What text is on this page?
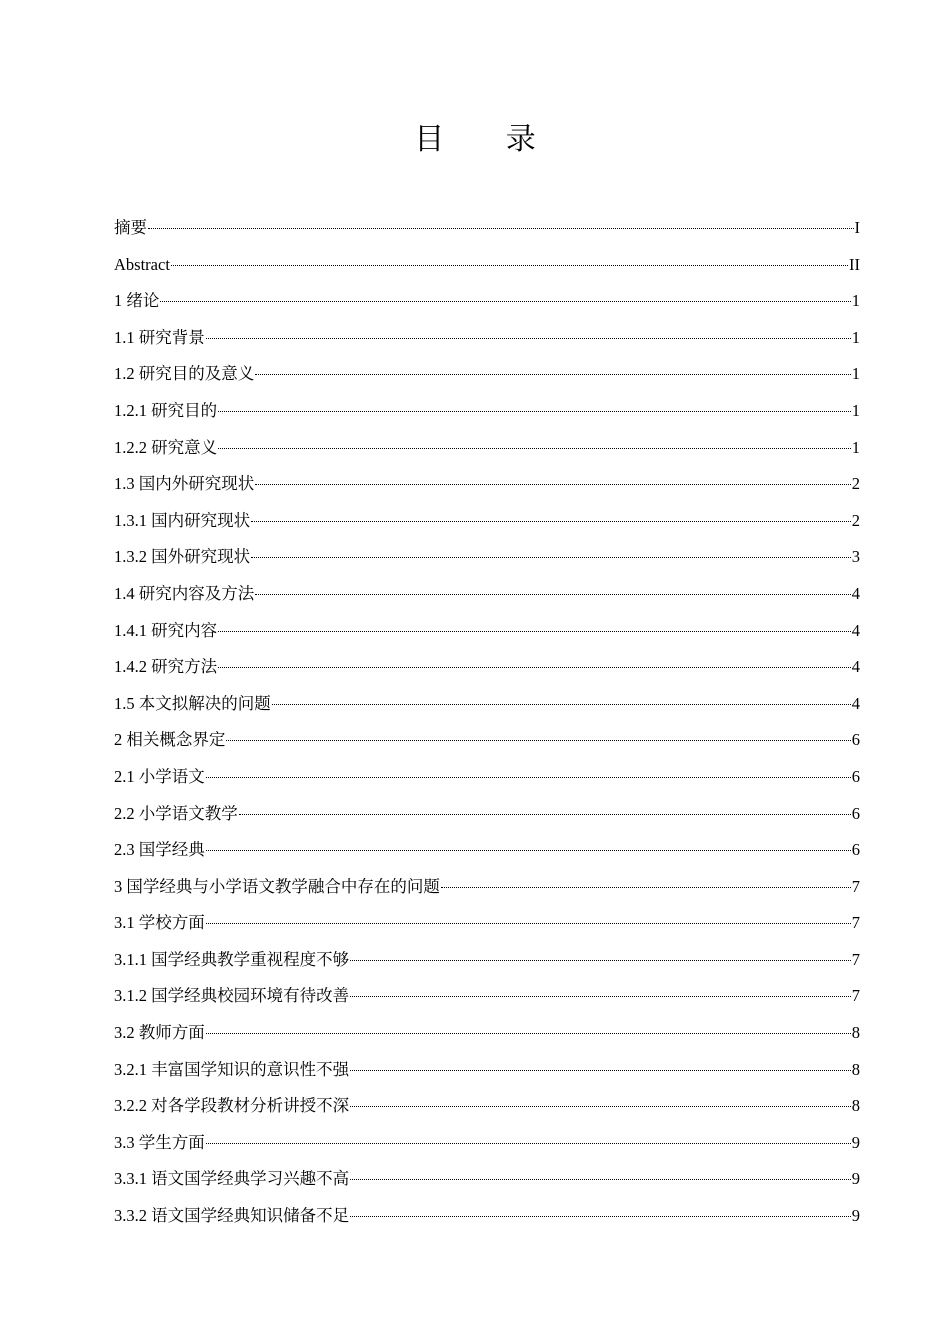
目 录
摘要	I
Abstract	II
1 绪论	1
1.1 研究背景	1
1.2 研究目的及意义	1
1.2.1 研究目的	1
1.2.2 研究意义	1
1.3 国内外研究现状	2
1.3.1 国内研究现状	2
1.3.2 国外研究现状	3
1.4 研究内容及方法	4
1.4.1 研究内容	4
1.4.2 研究方法	4
1.5 本文拟解决的问题	4
2 相关概念界定	6
2.1 小学语文	6
2.2 小学语文教学	6
2.3 国学经典	6
3 国学经典与小学语文教学融合中存在的问题	7
3.1 学校方面	7
3.1.1 国学经典教学重视程度不够	7
3.1.2 国学经典校园环境有待改善	7
3.2 教师方面	8
3.2.1 丰富国学知识的意识性不强	8
3.2.2 对各学段教材分析讲授不深	8
3.3 学生方面	9
3.3.1 语文国学经典学习兴趣不高	9
3.3.2 语文国学经典知识储备不足	9
